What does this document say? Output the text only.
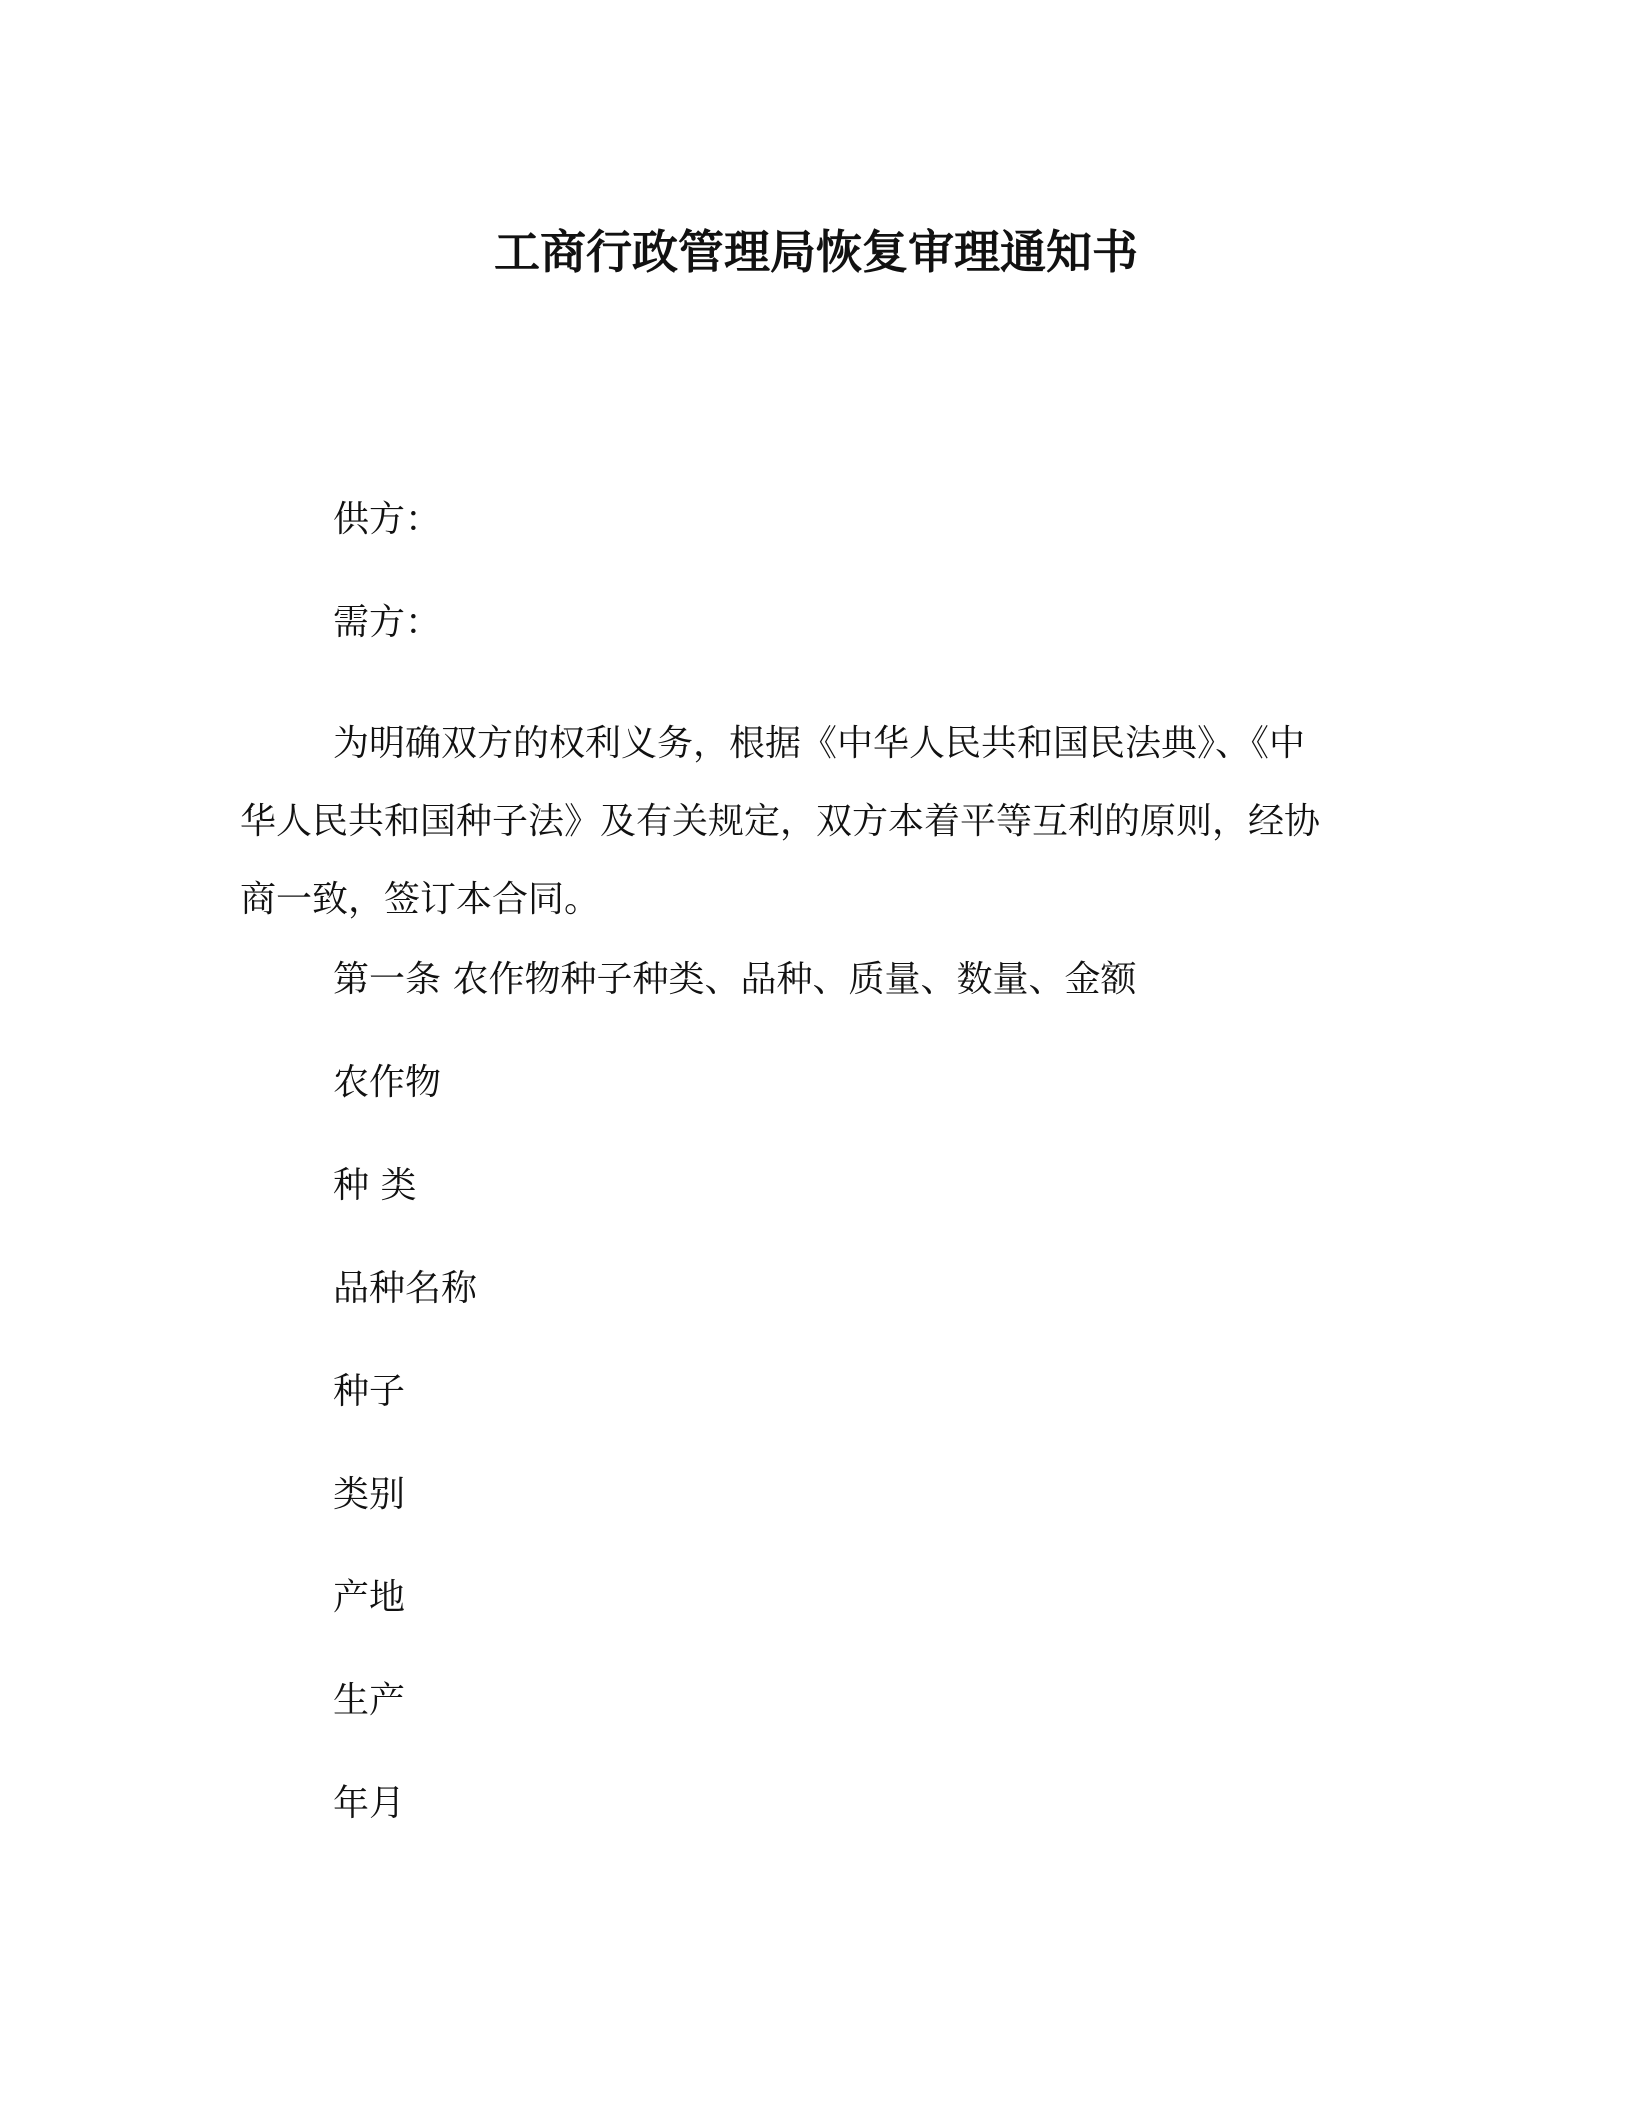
工商行政管理局恢复审理通知书
供方：
需方：
为明确双方的权利义务，根据《中华人民共和国民法典》、《中
华人民共和国种子法》及有关规定，双方本着平等互利的原则，经协
商一致，签订本合同。
第一条 农作物种子种类、品种、质量、数量、金额
农作物
种 类
品种名称
种子
类别
产地
生产
年月
